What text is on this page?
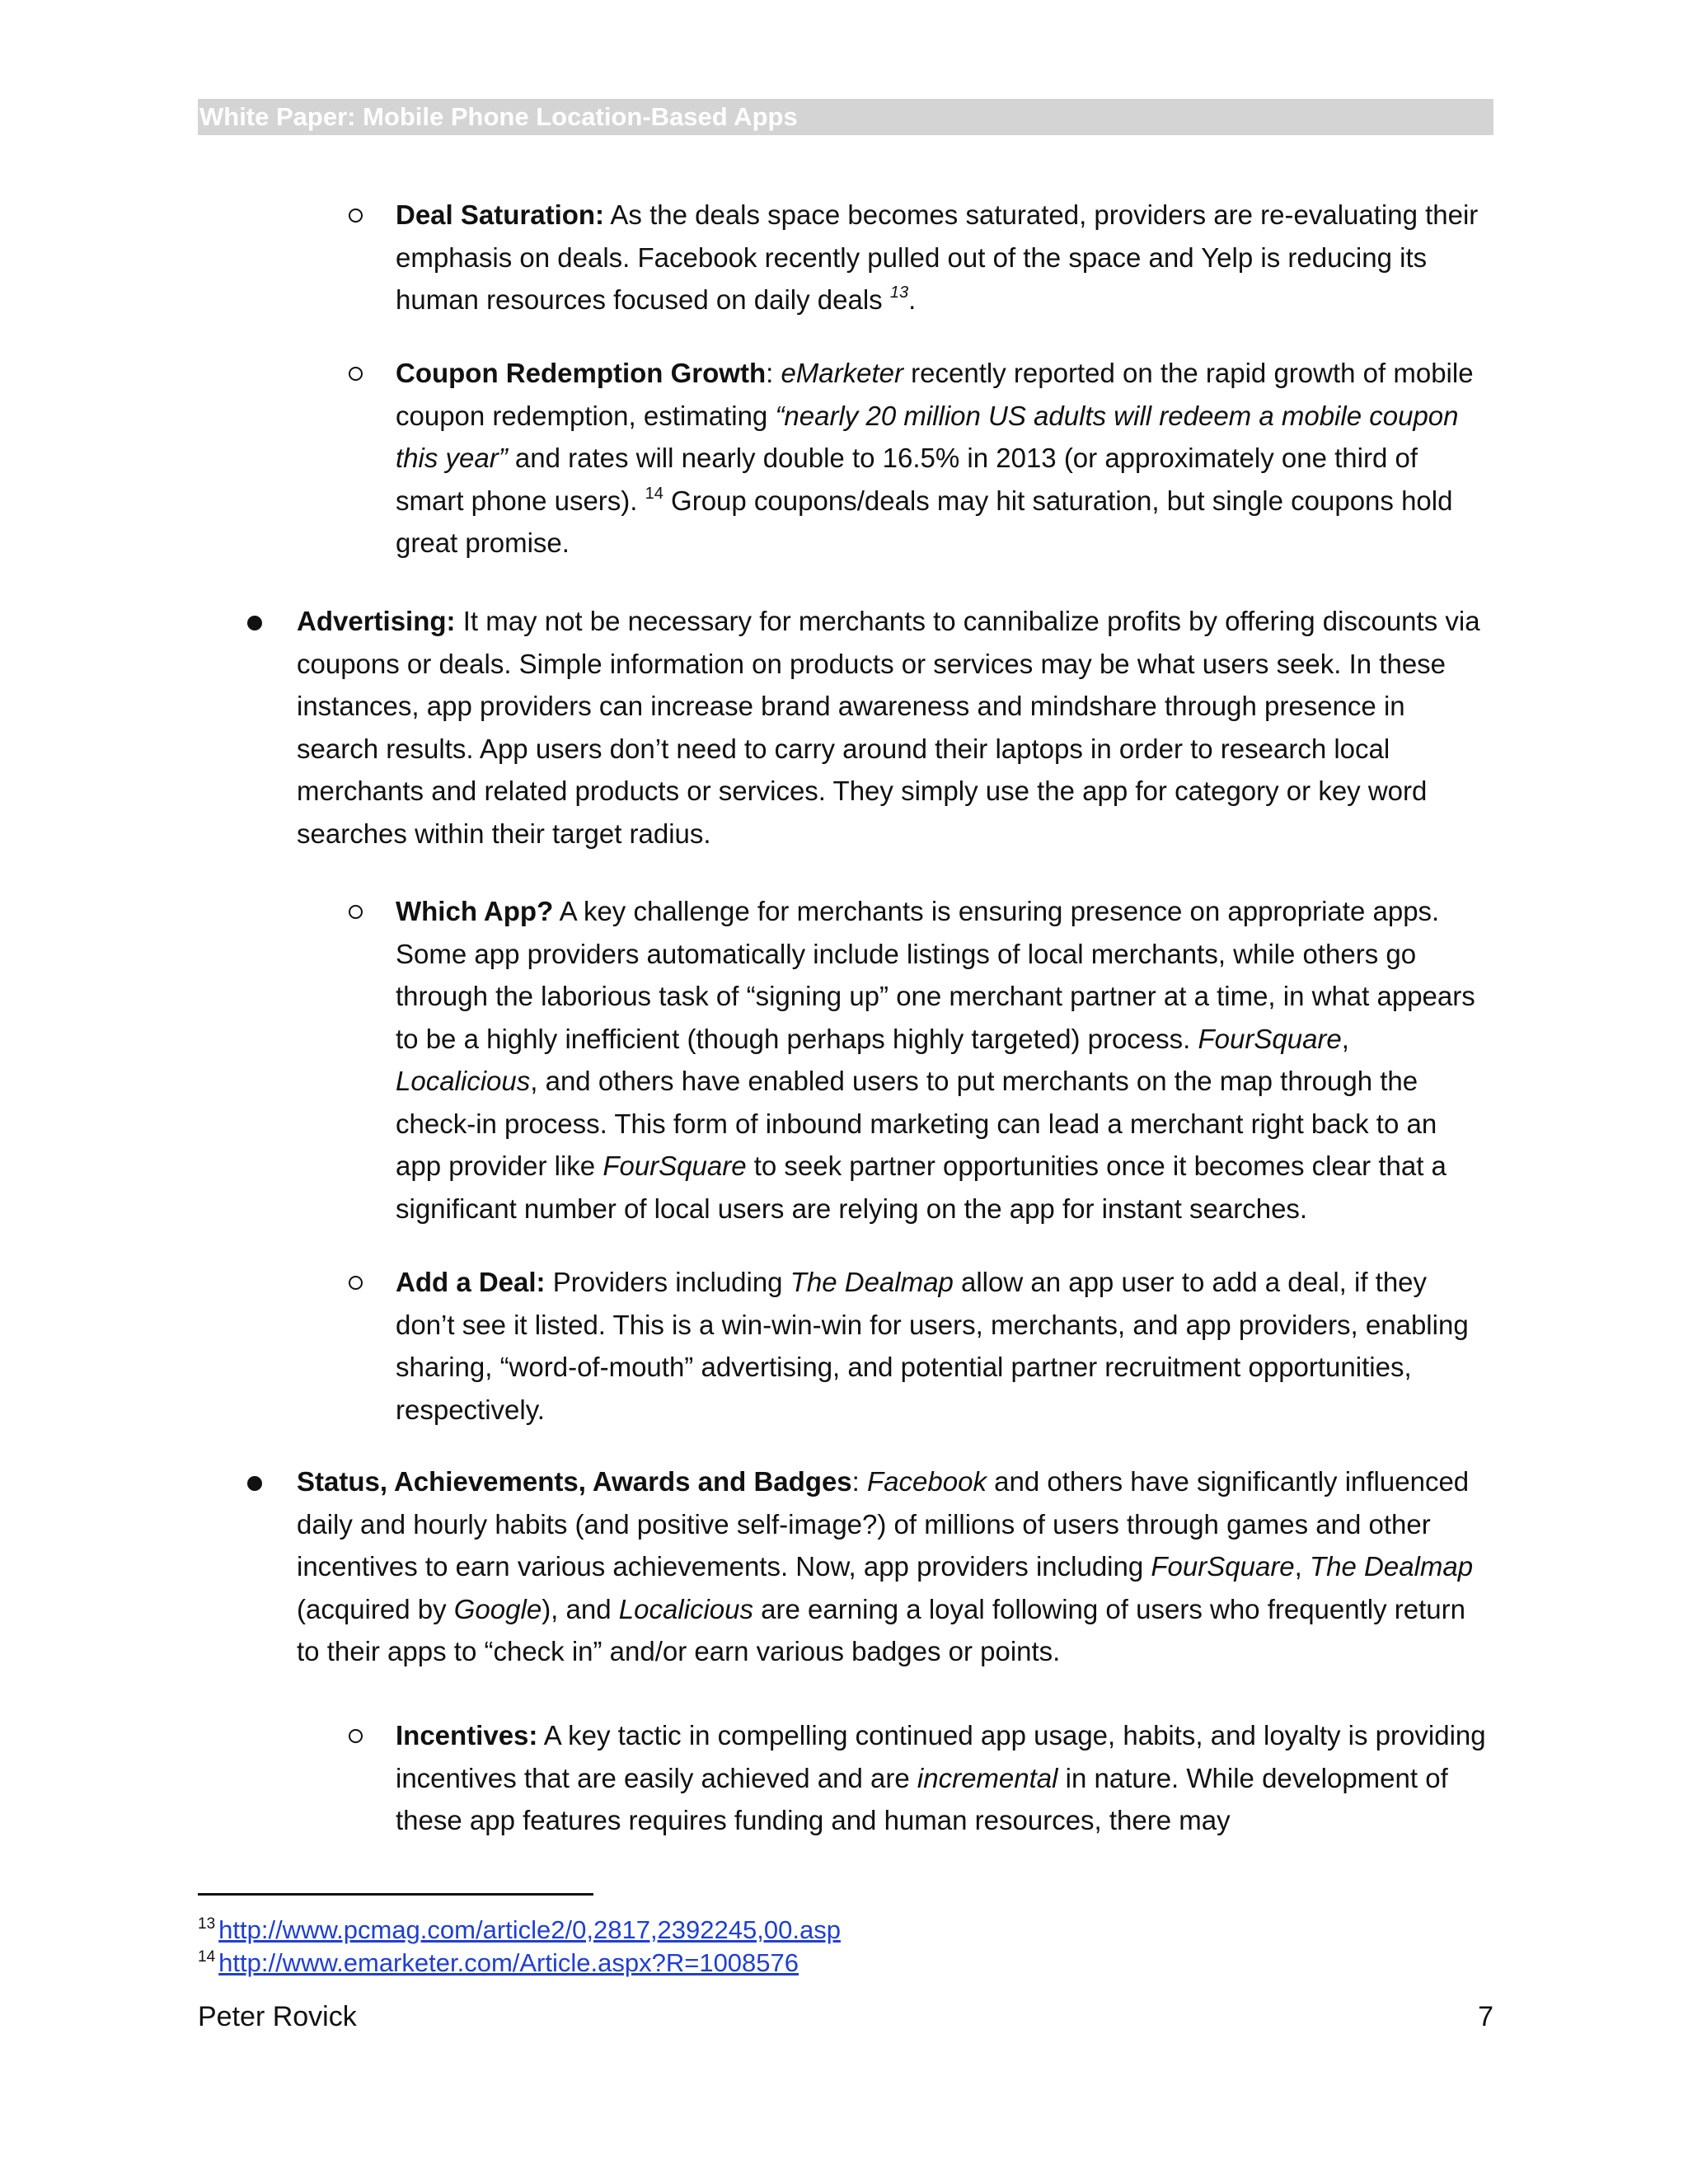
White Paper: Mobile Phone Location-Based Apps

Deal Saturation: As the deals space becomes saturated, providers are re-evaluating their emphasis on deals. Facebook recently pulled out of the space and Yelp is reducing its human resources focused on daily deals $^{13}$.

Coupon Redemption Growth: eMarketer recently reported on the rapid growth of mobile coupon redemption, estimating “nearly 20 million US adults will redeem a mobile coupon this year” and rates will nearly double to 16.5% in 2013 (or approximately one third of smart phone users). $^{14}$ Group coupons/deals may hit saturation, but single coupons hold great promise.

Advertising: It may not be necessary for merchants to cannibalize profits by offering discounts via coupons or deals. Simple information on products or services may be what users seek. In these instances, app providers can increase brand awareness and mindshare through presence in search results. App users don’t need to carry around their laptops in order to research local merchants and related products or services. They simply use the app for category or key word searches within their target radius.

Which App? A key challenge for merchants is ensuring presence on appropriate apps. Some app providers automatically include listings of local merchants, while others go through the laborious task of “signing up” one merchant partner at a time, in what appears to be a highly inefficient (though perhaps highly targeted) process. FourSquare, Localicious, and others have enabled users to put merchants on the map through the check-in process. This form of inbound marketing can lead a merchant right back to an app provider like FourSquare to seek partner opportunities once it becomes clear that a significant number of local users are relying on the app for instant searches.

Add a Deal: Providers including The Dealmap allow an app user to add a deal, if they don’t see it listed. This is a win-win-win for users, merchants, and app providers, enabling sharing, “word-of-mouth” advertising, and potential partner recruitment opportunities, respectively.

Status, Achievements, Awards and Badges: Facebook and others have significantly influenced daily and hourly habits (and positive self-image?) of millions of users through games and other incentives to earn various achievements. Now, app providers including FourSquare, The Dealmap (acquired by Google), and Localicious are earning a loyal following of users who frequently return to their apps to “check in” and/or earn various badges or points.

Incentives: A key tactic in compelling continued app usage, habits, and loyalty is providing incentives that are easily achieved and are incremental in nature. While development of these app features requires funding and human resources, there may

$^{13}$ http://www.pcmag.com/article2/0,2817,2392245,00.asp
$^{14}$ http://www.emarketer.com/Article.aspx?R=1008576
Peter Rovick	7
